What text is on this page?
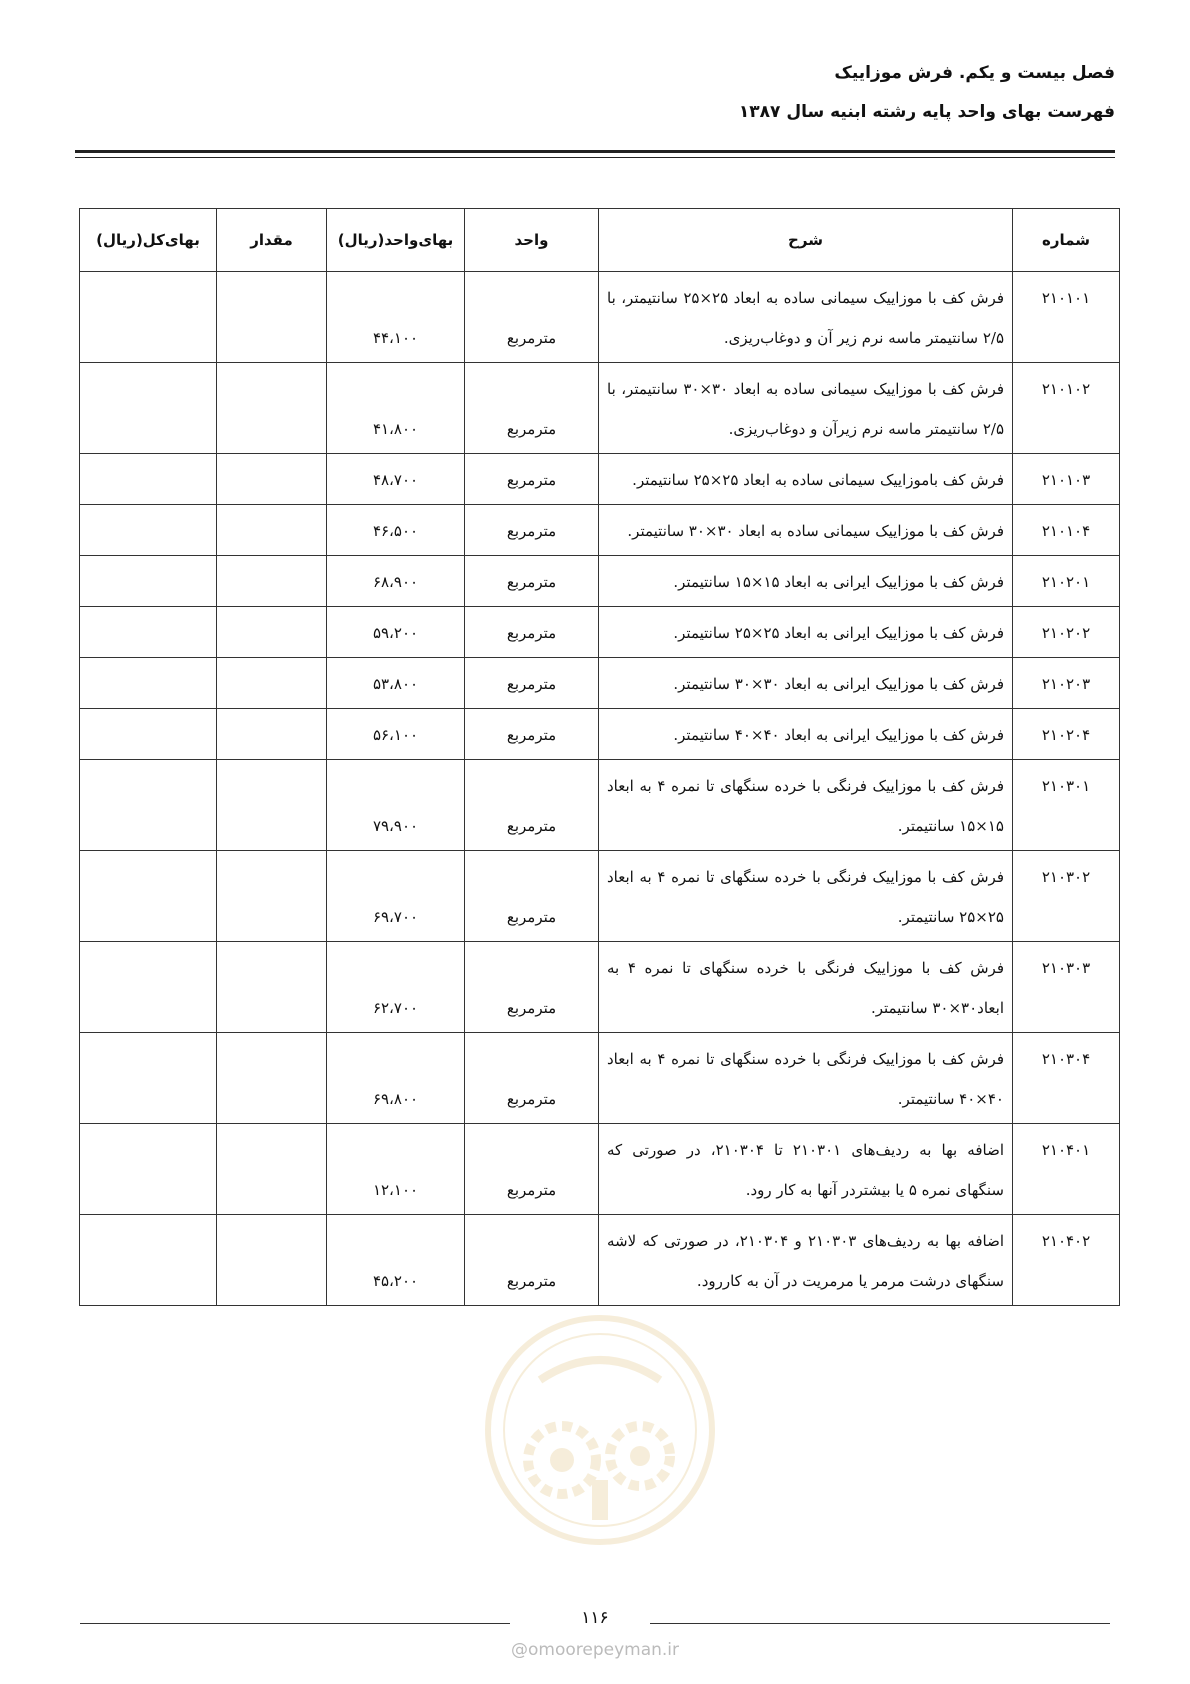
فصل بیست و یکم. فرش موزاییک
فهرست بهای واحد پایه رشته ابنیه سال ۱۳۸۷
شماره	شرح	واحد	بهای‌واحد(ریال)	مقدار	بهای‌کل(ریال)
۲۱۰۱۰۱	فرش کف با موزاییک سیمانی ساده به ابعاد ۲۵×۲۵ سانتیمتر، با ۲/۵ سانتیمتر ماسه نرم زیر آن و دوغاب‌ریزی.	مترمربع	۴۴،۱۰۰		
۲۱۰۱۰۲	فرش کف با موزاییک سیمانی ساده به ابعاد ۳۰×۳۰ سانتیمتر، با ۲/۵ سانتیمتر ماسه نرم زیرآن و دوغاب‌ریزی.	مترمربع	۴۱،۸۰۰		
۲۱۰۱۰۳	فرش کف باموزاییک سیمانی ساده به ابعاد ۲۵×۲۵ سانتیمتر.	مترمربع	۴۸،۷۰۰		
۲۱۰۱۰۴	فرش کف با موزاییک سیمانی ساده به ابعاد ۳۰×۳۰ سانتیمتر.	مترمربع	۴۶،۵۰۰		
۲۱۰۲۰۱	فرش کف با موزاییک ایرانی به ابعاد ۱۵×۱۵ سانتیمتر.	مترمربع	۶۸،۹۰۰		
۲۱۰۲۰۲	فرش کف با موزاییک ایرانی به ابعاد ۲۵×۲۵ سانتیمتر.	مترمربع	۵۹،۲۰۰		
۲۱۰۲۰۳	فرش کف با موزاییک ایرانی به ابعاد ۳۰×۳۰ سانتیمتر.	مترمربع	۵۳،۸۰۰		
۲۱۰۲۰۴	فرش کف با موزاییک ایرانی به ابعاد ۴۰×۴۰ سانتیمتر.	مترمربع	۵۶،۱۰۰		
۲۱۰۳۰۱	فرش کف با موزاییک فرنگی با خرده سنگهای تا نمره ۴ به ابعاد ۱۵×۱۵ سانتیمتر.	مترمربع	۷۹،۹۰۰		
۲۱۰۳۰۲	فرش کف با موزاییک فرنگی با خرده سنگهای تا نمره ۴ به ابعاد ۲۵×۲۵ سانتیمتر.	مترمربع	۶۹،۷۰۰		
۲۱۰۳۰۳	فرش کف با موزاییک فرنگی با خرده سنگهای تا نمره ۴ به ابعاد۳۰×۳۰ سانتیمتر.	مترمربع	۶۲،۷۰۰		
۲۱۰۳۰۴	فرش کف با موزاییک فرنگی با خرده سنگهای تا نمره ۴ به ابعاد ۴۰×۴۰ سانتیمتر.	مترمربع	۶۹،۸۰۰		
۲۱۰۴۰۱	اضافه بها به ردیف‌های ۲۱۰۳۰۱ تا ۲۱۰۳۰۴، در صورتی که سنگهای نمره ۵ یا بیشتردر آنها به کار رود.	مترمربع	۱۲،۱۰۰		
۲۱۰۴۰۲	اضافه بها به ردیف‌های ۲۱۰۳۰۳ و ۲۱۰۳۰۴، در صورتی که لاشه سنگهای درشت مرمر یا مرمریت در آن به کاررود.	مترمربع	۴۵،۲۰۰		
۱۱۶
@omoorepeyman.ir
